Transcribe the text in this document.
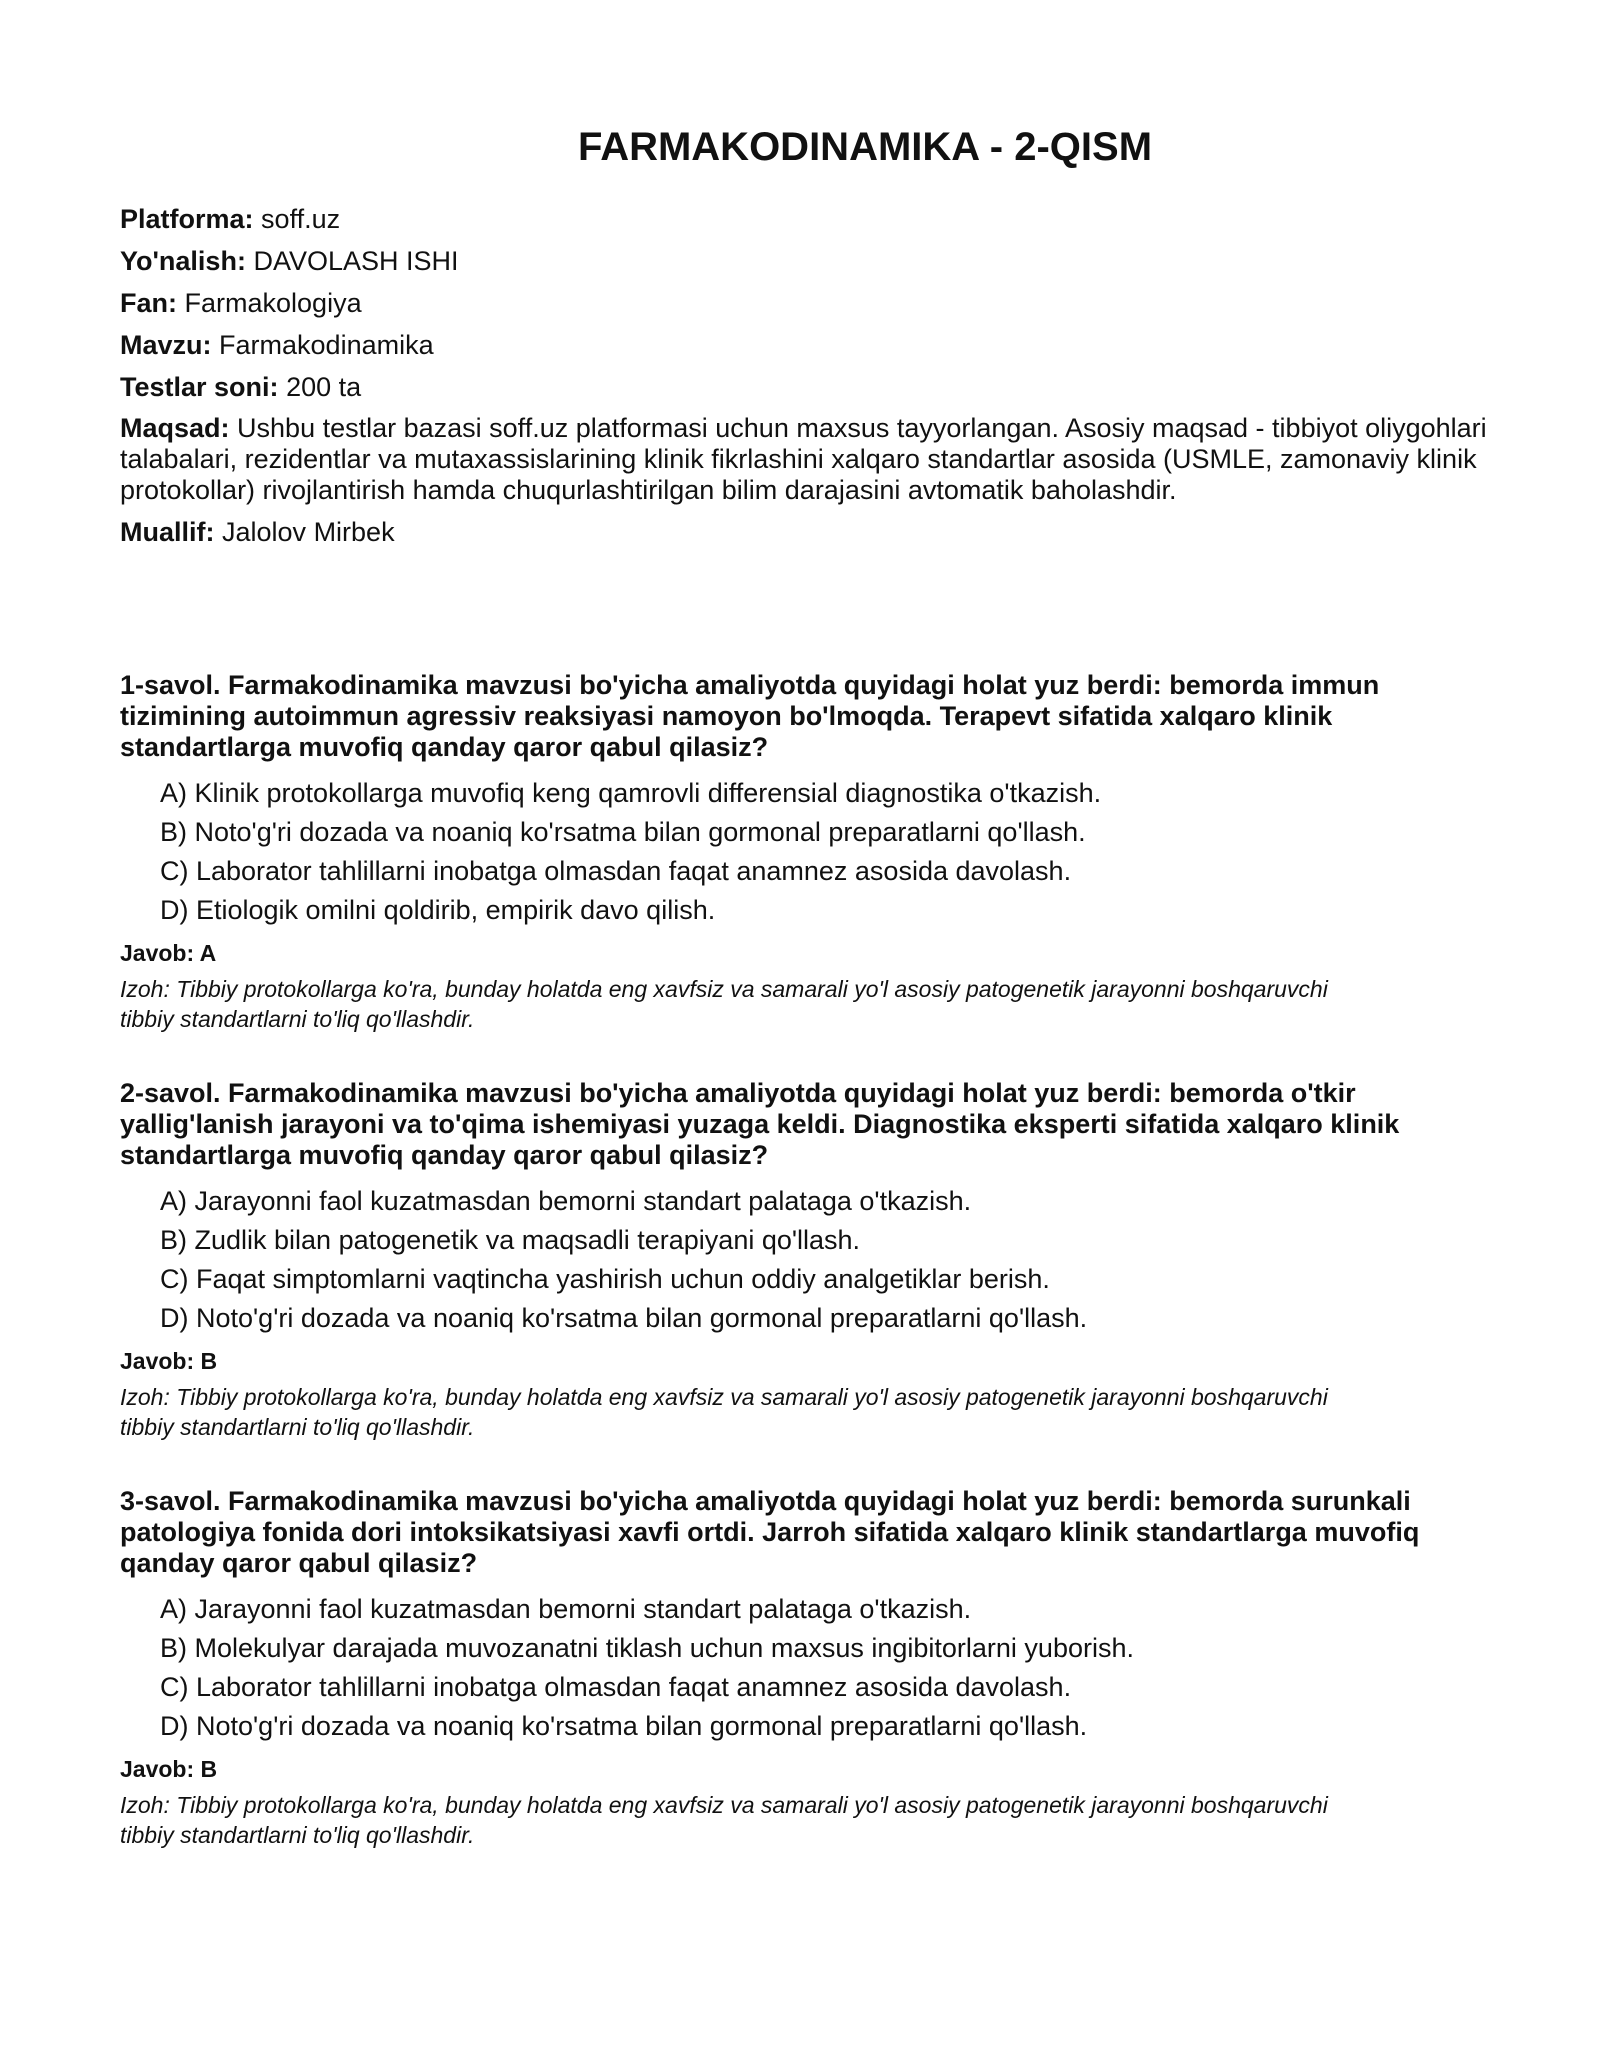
FARMAKODINAMIKA - 2-QISM
Platforma: soff.uz
Yo'nalish: DAVOLASH ISHI
Fan: Farmakologiya
Mavzu: Farmakodinamika
Testlar soni: 200 ta
Maqsad: Ushbu testlar bazasi soff.uz platformasi uchun maxsus tayyorlangan. Asosiy maqsad - tibbiyot oliygohlari talabalari, rezidentlar va mutaxassislarining klinik fikrlashini xalqaro standartlar asosida (USMLE, zamonaviy klinik protokollar) rivojlantirish hamda chuqurlashtirilgan bilim darajasini avtomatik baholashdir.
Muallif: Jalolov Mirbek

1-savol. Farmakodinamika mavzusi bo'yicha amaliyotda quyidagi holat yuz berdi: bemorda immun tizimining autoimmun agressiv reaksiyasi namoyon bo'lmoqda. Terapevt sifatida xalqaro klinik standartlarga muvofiq qanday qaror qabul qilasiz?

A) Klinik protokollarga muvofiq keng qamrovli differensial diagnostika o'tkazish.
B) Noto'g'ri dozada va noaniq ko'rsatma bilan gormonal preparatlarni qo'llash.
C) Laborator tahlillarni inobatga olmasdan faqat anamnez asosida davolash.
D) Etiologik omilni qoldirib, empirik davo qilish.
Javob: A
Izoh: Tibbiy protokollarga ko'ra, bunday holatda eng xavfsiz va samarali yo'l asosiy patogenetik jarayonni boshqaruvchi tibbiy standartlarni to'liq qo'llashdir.

2-savol. Farmakodinamika mavzusi bo'yicha amaliyotda quyidagi holat yuz berdi: bemorda o'tkir yallig'lanish jarayoni va to'qima ishemiyasi yuzaga keldi. Diagnostika eksperti sifatida xalqaro klinik standartlarga muvofiq qanday qaror qabul qilasiz?

A) Jarayonni faol kuzatmasdan bemorni standart palataga o'tkazish.
B) Zudlik bilan patogenetik va maqsadli terapiyani qo'llash.
C) Faqat simptomlarni vaqtincha yashirish uchun oddiy analgetiklar berish.
D) Noto'g'ri dozada va noaniq ko'rsatma bilan gormonal preparatlarni qo'llash.
Javob: B
Izoh: Tibbiy protokollarga ko'ra, bunday holatda eng xavfsiz va samarali yo'l asosiy patogenetik jarayonni boshqaruvchi tibbiy standartlarni to'liq qo'llashdir.

3-savol. Farmakodinamika mavzusi bo'yicha amaliyotda quyidagi holat yuz berdi: bemorda surunkali patologiya fonida dori intoksikatsiyasi xavfi ortdi. Jarroh sifatida xalqaro klinik standartlarga muvofiq qanday qaror qabul qilasiz?

A) Jarayonni faol kuzatmasdan bemorni standart palataga o'tkazish.
B) Molekulyar darajada muvozanatni tiklash uchun maxsus ingibitorlarni yuborish.
C) Laborator tahlillarni inobatga olmasdan faqat anamnez asosida davolash.
D) Noto'g'ri dozada va noaniq ko'rsatma bilan gormonal preparatlarni qo'llash.
Javob: B
Izoh: Tibbiy protokollarga ko'ra, bunday holatda eng xavfsiz va samarali yo'l asosiy patogenetik jarayonni boshqaruvchi tibbiy standartlarni to'liq qo'llashdir.
